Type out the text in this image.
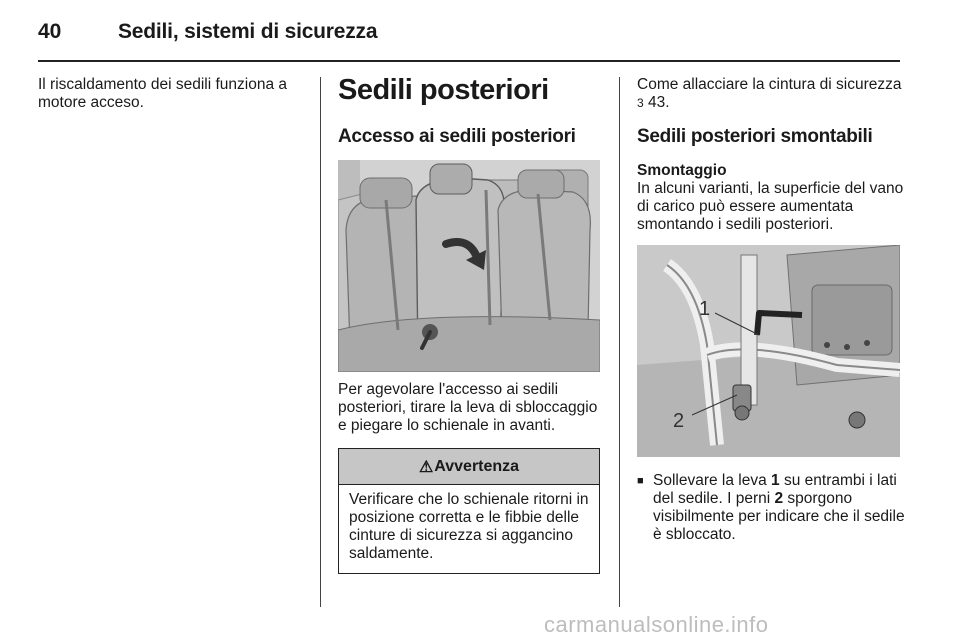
40	Sedili, sistemi di sicurezza
Il riscaldamento dei sedili funziona a motore acceso.	Sedili posteriori
Accesso ai sedili posteriori
Per agevolare l'accesso ai sedili posteriori, tirare la leva di sbloccaggio e piegare lo schienale in avanti.
⚠ Avvertenza
Verificare che lo schienale ritorni in posizione corretta e le fibbie delle cinture di sicurezza si aggancino saldamente.
Come allacciare la cintura di sicurezza 3 43.
Sedili posteriori smontabili
Smontaggio
In alcuni varianti, la superficie del vano di carico può essere aumentata smontando i sedili posteriori.
1
2
■ Sollevare la leva 1 su entrambi i lati del sedile. I perni 2 sporgono visibilmente per indicare che il sedile è sbloccato.
carmanualsonline.info
